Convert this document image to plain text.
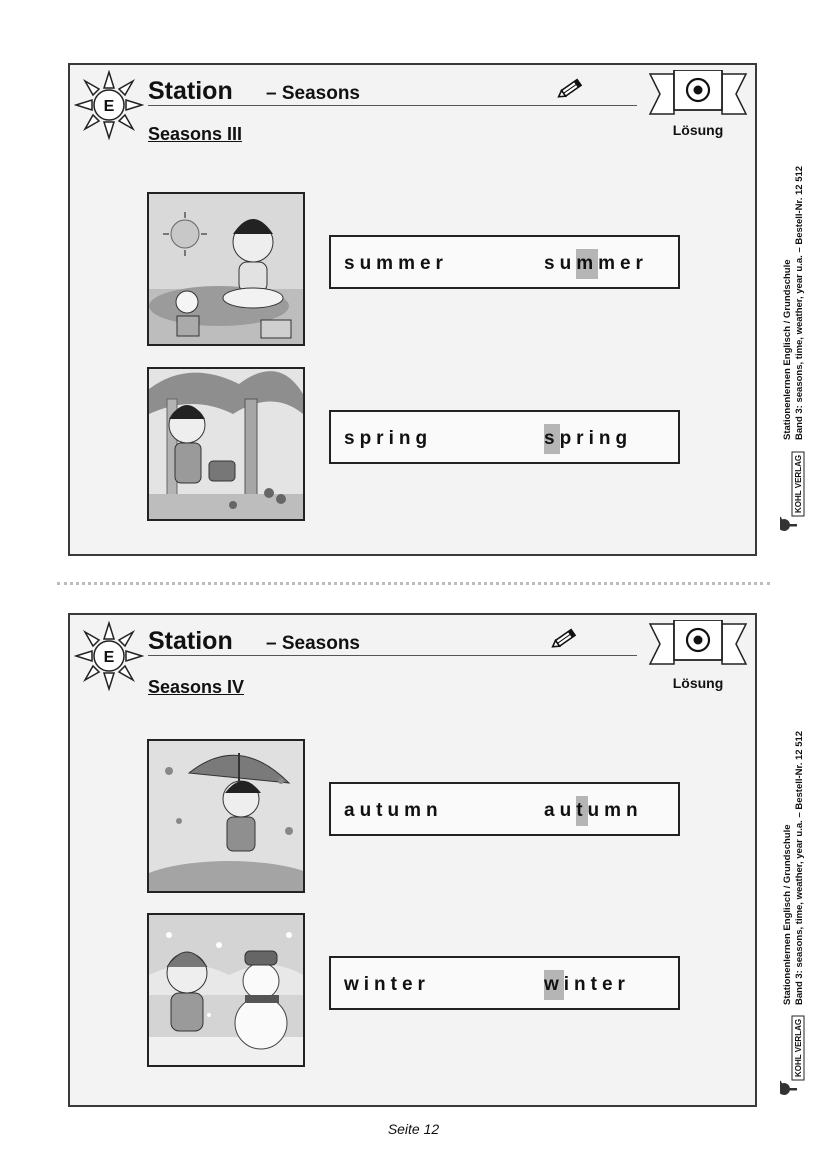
E
Station – Seasons
Lösung
Seasons III
summer	summer
spring	spring
E
Station – Seasons
Lösung
Seasons IV
autumn	autumn
winter	winter
Stationenlernen Englisch / Grundschule Band 3: seasons, time, weather, year u.a. – Bestell-Nr. 12 512
KOHL VERLAG
Stationenlernen Englisch / Grundschule Band 3: seasons, time, weather, year u.a. – Bestell-Nr. 12 512
KOHL VERLAG
Seite 12
